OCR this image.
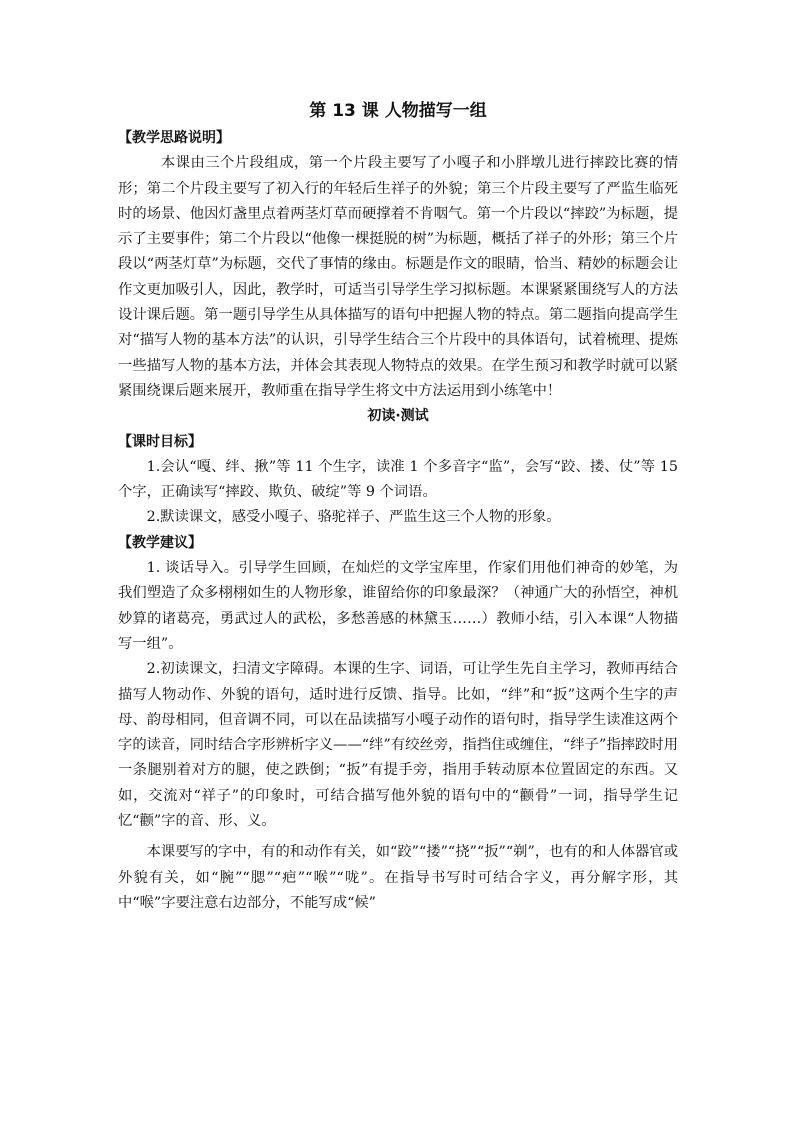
第 13 课 人物描写一组
【教学思路说明】

本课由三个片段组成，第一个片段主要写了小嘎子和小胖墩儿进行摔跤比赛的情形；第二个片段主要写了初入行的年轻后生祥子的外貌；第三个片段主要写了严监生临死时的场景、他因灯盏里点着两茎灯草而硬撑着不肯咽气。第一个片段以“摔跤”为标题，提示了主要事件；第二个片段以“他像一棵挺脱的树”为标题，概括了祥子的外形；第三个片段以“两茎灯草”为标题，交代了事情的缘由。标题是作文的眼睛，恰当、精妙的标题会让作文更加吸引人，因此，教学时，可适当引导学生学习拟标题。本课紧紧围绕写人的方法设计课后题。第一题引导学生从具体描写的语句中把握人物的特点。第二题指向提高学生对“描写人物的基本方法”的认识，引导学生结合三个片段中的具体语句，试着梳理、提炼一些描写人物的基本方法，并体会其表现人物特点的效果。在学生预习和教学时就可以紧紧围绕课后题来展开，教师重在指导学生将文中方法运用到小练笔中！

初读·测试
【课时目标】

1.会认“嘎、绊、揪”等 11 个生字，读准 1 个多音字“监”，会写“跤、搂、仗”等 15 个字，正确读写“摔跤、欺负、破绽”等 9 个词语。

2.默读课文，感受小嘎子、骆驼祥子、严监生这三个人物的形象。

【教学建议】

1. 谈话导入。引导学生回顾，在灿烂的文学宝库里，作家们用他们神奇的妙笔，为我们塑造了众多栩栩如生的人物形象，谁留给你的印象最深？（神通广大的孙悟空，神机妙算的诸葛亮，勇武过人的武松，多愁善感的林黛玉……）教师小结，引入本课“人物描写一组”。

2.初读课文，扫清文字障碍。本课的生字、词语，可让学生先自主学习，教师再结合描写人物动作、外貌的语句，适时进行反馈、指导。比如，“绊”和“扳”这两个生字的声母、韵母相同，但音调不同，可以在品读描写小嘎子动作的语句时，指导学生读准这两个字的读音，同时结合字形辨析字义——“绊”有绞丝旁，指挡住或缠住，“绊子”指摔跤时用一条腿别着对方的腿，使之跌倒；“扳”有提手旁，指用手转动原本位置固定的东西。又如，交流对“祥子”的印象时，可结合描写他外貌的语句中的“颧骨”一词，指导学生记忆“颧”字的音、形、义。

本课要写的字中，有的和动作有关，如“跤”“搂”“挠”“扳”“剃”，也有的和人体器官或外貌有关，如“腕”“腮”“疤”“喉”“咙”。在指导书写时可结合字义，再分解字形，其中“喉”字要注意右边部分，不能写成“候”
